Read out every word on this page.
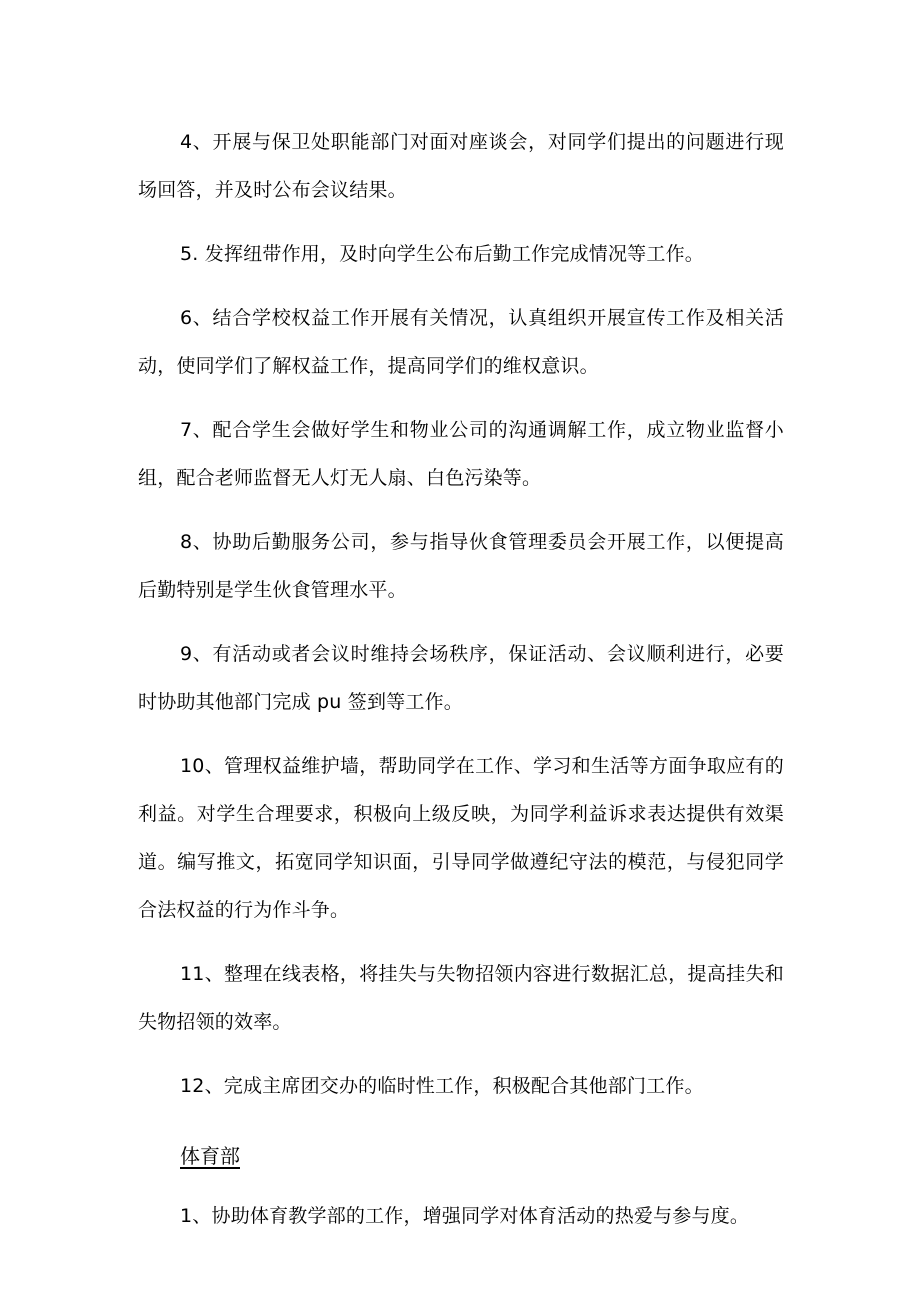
4、开展与保卫处职能部门对面对座谈会，对同学们提出的问题进行现场回答，并及时公布会议结果。

5. 发挥纽带作用，及时向学生公布后勤工作完成情况等工作。

6、结合学校权益工作开展有关情况，认真组织开展宣传工作及相关活动，使同学们了解权益工作，提高同学们的维权意识。

7、配合学生会做好学生和物业公司的沟通调解工作，成立物业监督小组，配合老师监督无人灯无人扇、白色污染等。

8、协助后勤服务公司，参与指导伙食管理委员会开展工作，以便提高后勤特别是学生伙食管理水平。

9、有活动或者会议时维持会场秩序，保证活动、会议顺利进行，必要时协助其他部门完成 pu 签到等工作。

10、管理权益维护墙，帮助同学在工作、学习和生活等方面争取应有的利益。对学生合理要求，积极向上级反映，为同学利益诉求表达提供有效渠道。编写推文，拓宽同学知识面，引导同学做遵纪守法的模范，与侵犯同学合法权益的行为作斗争。

11、整理在线表格，将挂失与失物招领内容进行数据汇总，提高挂失和失物招领的效率。

12、完成主席团交办的临时性工作，积极配合其他部门工作。

体育部

1、协助体育教学部的工作，增强同学对体育活动的热爱与参与度。
